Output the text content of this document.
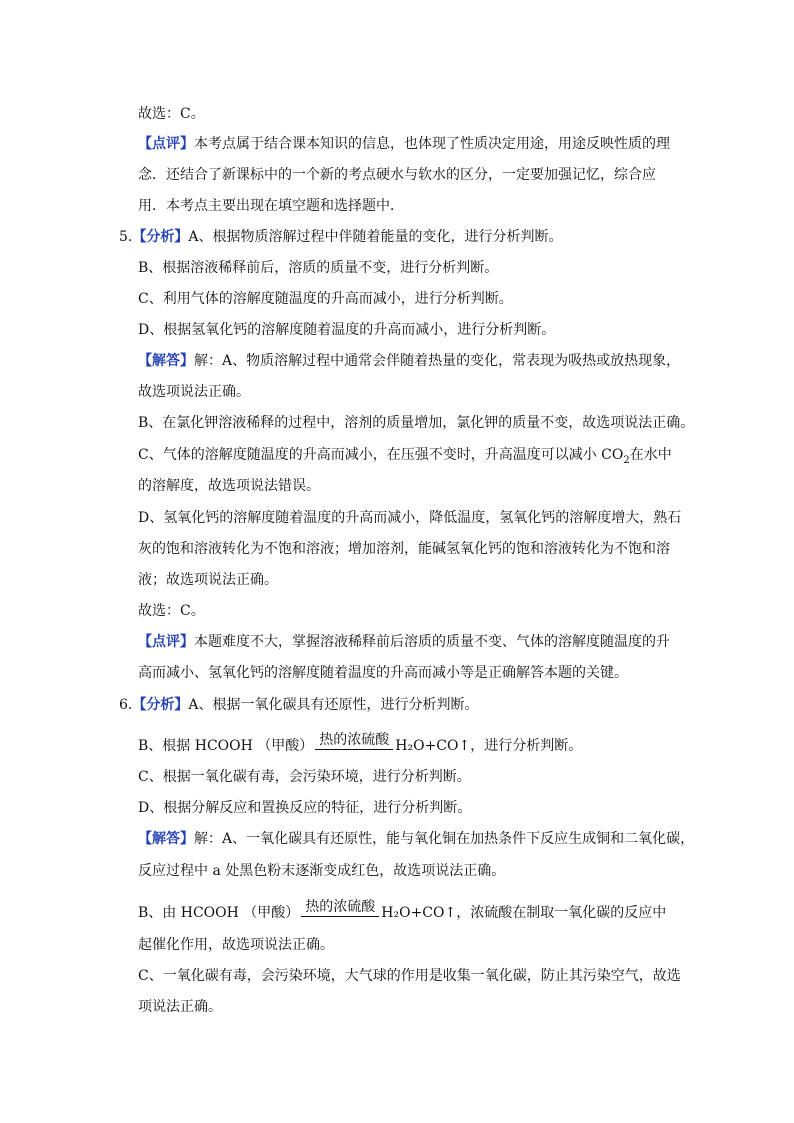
故选：C。
【点评】本考点属于结合课本知识的信息，也体现了性质决定用途，用途反映性质的理
念．还结合了新课标中的一个新的考点硬水与软水的区分，一定要加强记忆，综合应
用．本考点主要出现在填空题和选择题中．
5.【分析】A、根据物质溶解过程中伴随着能量的变化，进行分析判断。
B、根据溶液稀释前后，溶质的质量不变，进行分析判断。
C、利用气体的溶解度随温度的升高而减小，进行分析判断。
D、根据氢氧化钙的溶解度随着温度的升高而减小，进行分析判断。
【解答】解：A、物质溶解过程中通常会伴随着热量的变化，常表现为吸热或放热现象，
故选项说法正确。
B、在氯化钾溶液稀释的过程中，溶剂的质量增加，氯化钾的质量不变，故选项说法正确。
C、气体的溶解度随温度的升高而减小，在压强不变时，升高温度可以减小 $CO_2$在水中
的溶解度，故选项说法错误。
D、氢氧化钙的溶解度随着温度的升高而减小，降低温度，氢氧化钙的溶解度增大，熟石
灰的饱和溶液转化为不饱和溶液；增加溶剂，能碱氢氧化钙的饱和溶液转化为不饱和溶
液；故选项说法正确。
故选：C。
【点评】本题难度不大，掌握溶液稀释前后溶质的质量不变、气体的溶解度随温度的升
高而减小、氢氧化钙的溶解度随着温度的升高而减小等是正确解答本题的关键。
6.【分析】A、根据一氧化碳具有还原性，进行分析判断。
B、根据 HCOOH （甲酸） 热的浓硫酸 H₂O+CO↑，进行分析判断。
C、根据一氧化碳有毒，会污染环境，进行分析判断。
D、根据分解反应和置换反应的特征，进行分析判断。
【解答】解：A、一氧化碳具有还原性，能与氧化铜在加热条件下反应生成铜和二氧化碳，
反应过程中 a 处黑色粉末逐渐变成红色，故选项说法正确。
B、由 HCOOH （甲酸） 热的浓硫酸 H₂O+CO↑，浓硫酸在制取一氧化碳的反应中
起催化作用，故选项说法正确。
C、一氧化碳有毒，会污染环境，大气球的作用是收集一氧化碳，防止其污染空气，故选
项说法正确。
